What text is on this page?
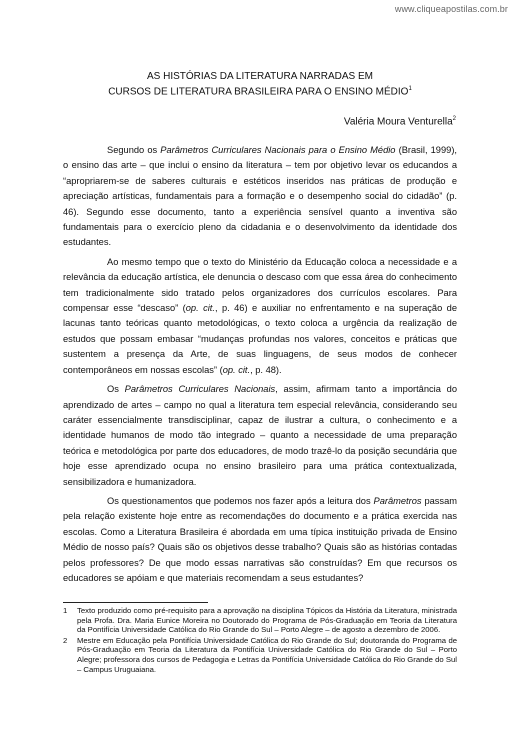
www.cliqueapostilas.com.br
AS HISTÓRIAS DA LITERATURA NARRADAS EM
CURSOS DE LITERATURA BRASILEIRA PARA O ENSINO MÉDIO$^1$
Valéria Moura Venturella$^2$

Segundo os Parâmetros Curriculares Nacionais para o Ensino Médio (Brasil, 1999), o ensino das arte – que inclui o ensino da literatura – tem por objetivo levar os educandos a “apropriarem-se de saberes culturais e estéticos inseridos nas práticas de produção e apreciação artísticas, fundamentais para a formação e o desempenho social do cidadão” (p. 46). Segundo esse documento, tanto a experiência sensível quanto a inventiva são fundamentais para o exercício pleno da cidadania e o desenvolvimento da identidade dos estudantes.

Ao mesmo tempo que o texto do Ministério da Educação coloca a necessidade e a relevância da educação artística, ele denuncia o descaso com que essa área do conhecimento tem tradicionalmente sido tratado pelos organizadores dos currículos escolares. Para compensar esse “descaso” (op. cit., p. 46) e auxiliar no enfrentamento e na superação de lacunas tanto teóricas quanto metodológicas, o texto coloca a urgência da realização de estudos que possam embasar “mudanças profundas nos valores, conceitos e práticas que sustentem a presença da Arte, de suas linguagens, de seus modos de conhecer contemporâneos em nossas escolas” (op. cit., p. 48).

Os Parâmetros Curriculares Nacionais, assim, afirmam tanto a importância do aprendizado de artes – campo no qual a literatura tem especial relevância, considerando seu caráter essencialmente transdisciplinar, capaz de ilustrar a cultura, o conhecimento e a identidade humanos de modo tão integrado – quanto a necessidade de uma preparação teórica e metodológica por parte dos educadores, de modo trazê-lo da posição secundária que hoje esse aprendizado ocupa no ensino brasileiro para uma prática contextualizada, sensibilizadora e humanizadora.

Os questionamentos que podemos nos fazer após a leitura dos Parâmetros passam pela relação existente hoje entre as recomendações do documento e a prática exercida nas escolas. Como a Literatura Brasileira é abordada em uma típica instituição privada de Ensino Médio de nosso país? Quais são os objetivos desse trabalho? Quais são as histórias contadas pelos professores? De que modo essas narrativas são construídas? Em que recursos os educadores se apóiam e que materiais recomendam a seus estudantes?

1	Texto produzido como pré-requisito para a aprovação na disciplina Tópicos da História da Literatura, ministrada pela Profa. Dra. Maria Eunice Moreira no Doutorado do Programa de Pós-Graduação em Teoria da Literatura da Pontifícia Universidade Católica do Rio Grande do Sul – Porto Alegre – de agosto a dezembro de 2006.
2	Mestre em Educação pela Pontifícia Universidade Católica do Rio Grande do Sul; doutoranda do Programa de Pós-Graduação em Teoria da Literatura da Pontifícia Universidade Católica do Rio Grande do Sul – Porto Alegre; professora dos cursos de Pedagogia e Letras da Pontifícia Universidade Católica do Rio Grande do Sul – Campus Uruguaiana.
